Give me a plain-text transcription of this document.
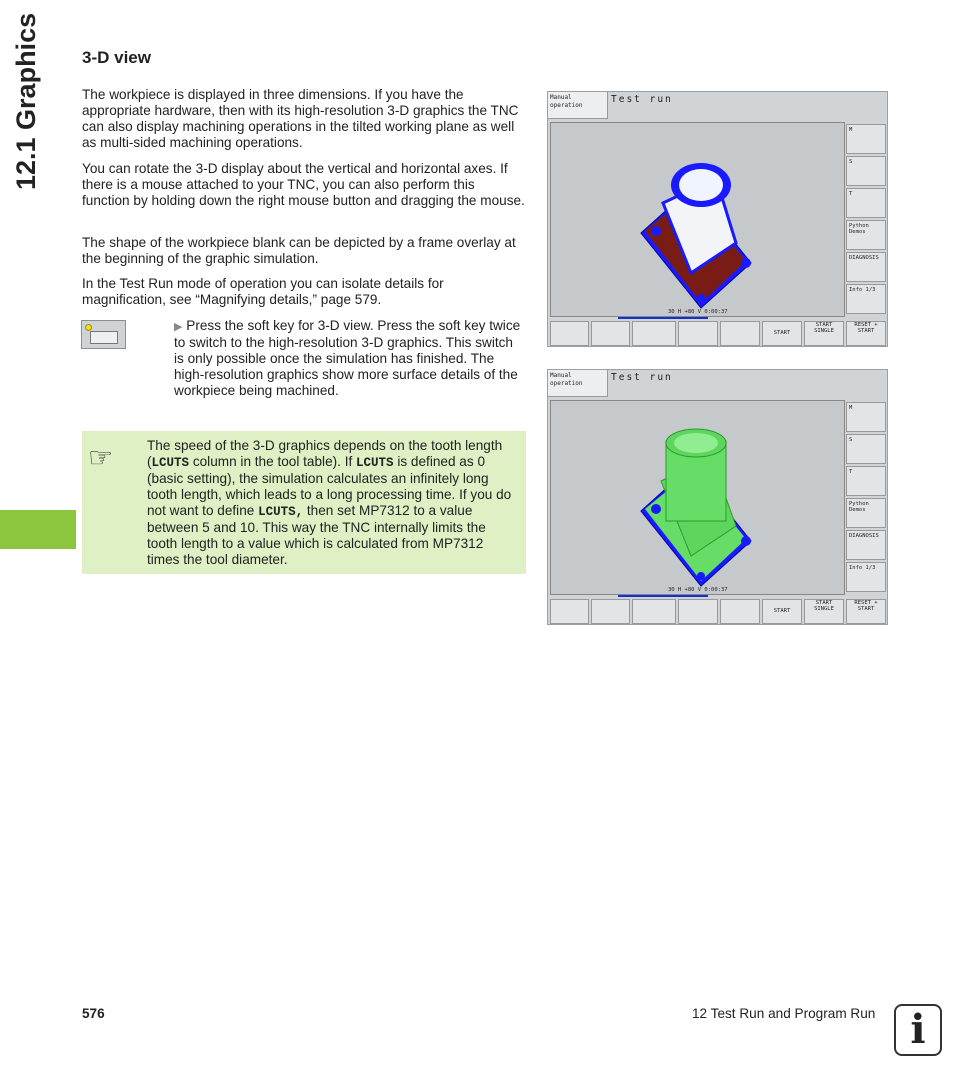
12.1 Graphics 3-D view

The workpiece is displayed in three dimensions. If you have the appropriate hardware, then with its high-resolution 3-D graphics the TNC can also display machining operations in the tilted working plane as well as multi-sided machining operations.

You can rotate the 3-D display about the vertical and horizontal axes. If there is a mouse attached to your TNC, you can also perform this function by holding down the right mouse button and dragging the mouse.

The shape of the workpiece blank can be depicted by a frame overlay at the beginning of the graphic simulation.

In the Test Run mode of operation you can isolate details for magnification, see “Magnifying details,” page 579.

▶ Press the soft key for 3-D view. Press the soft key twice to switch to the high-resolution 3-D graphics. This switch is only possible once the simulation has finished. The high-resolution graphics show more surface details of the workpiece being machined.
☞ The speed of the 3-D graphics depends on the tooth length (LCUTS column in the tool table). If LCUTS is defined as 0 (basic setting), the simulation calculates an infinitely long tooth length, which leads to a long processing time. If you do not want to define LCUTS, then set MP7312 to a value between 5 and 10. This way the TNC internally limits the tooth length to a value which is calculated from MP7312 times the tool diameter.
Manual
operation
Test run
30 H +80 V 0:00:37
M
S
T
Python Demos
DIAGNOSIS
Info 1/3
START
START SINGLE
RESET + START
Manual
operation
Test run
30 H +80 V 0:00:37
M
S
T
Python Demos
DIAGNOSIS
Info 1/3
START
START SINGLE
RESET + START
576	12 Test Run and Program Run i
